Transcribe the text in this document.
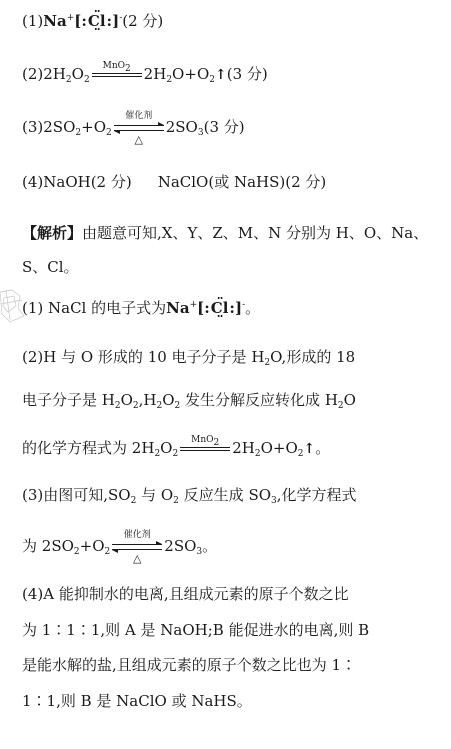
(1)Na+[:·· Cl ··:]-(2 分)
$(2)2H_2O_2$
MnO$_2$ $2H_2O+O_2↑(3$ 分)
$(3)2SO_2+O_2$
催化剂
△
$2SO_3(3$ 分)
(4)NaOH(2 分) NaClO(或 NaHS)(2 分)
【解析】由题意可知,X、Y、Z、M、N 分别为 H、O、Na、
S、Cl。
(1) NaCl 的电子式为Na+[:·· Cl ··:]-。
(2)H 与 O 形成的 10 电子分子是 $H_2O$,形成的 18
电子分子是 $H_2O_2,H_2O_2$ 发生分解反应转化成 $H_2O$
的化学方程式为 $2H_2O_2$
MnO$_2$ $2H_2O+O_2↑$。
(3)由图可知$,SO_2$ 与 $O_2$ 反应生成 $SO_3$,化学方程式
为 $2SO_2+O_2$
催化剂
△
$2SO_3$。
(4)A 能抑制水的电离,且组成元素的原子个数之比
为 1∶1∶1,则 A 是 NaOH;B 能促进水的电离,则 B
是能水解的盐,且组成元素的原子个数之比也为 1∶
1∶1,则 B 是 NaClO 或 NaHS。
